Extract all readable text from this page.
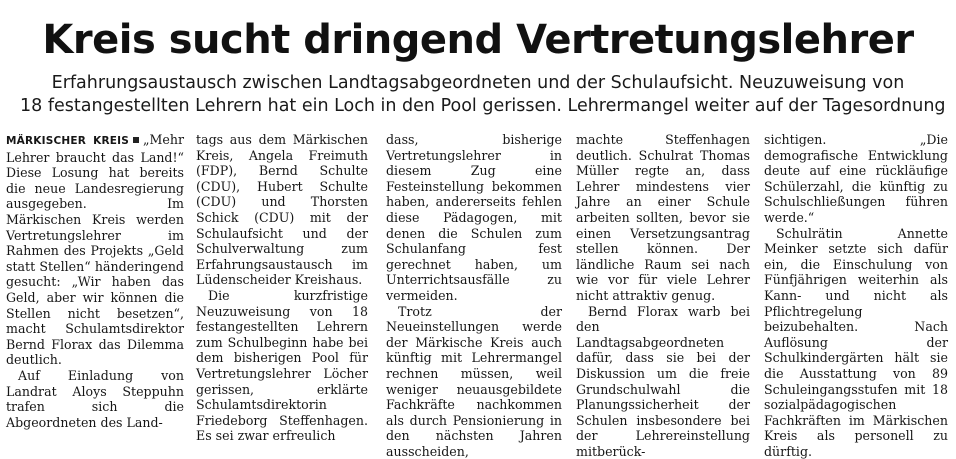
Kreis sucht dringend Vertretungslehrer
Erfahrungsaustausch zwischen Landtagsabgeordneten und der Schulaufsicht. Neuzuweisung von
18 festangestellten Lehrern hat ein Loch in den Pool gerissen. Lehrermangel weiter auf der Tagesordnung

MÄRKISCHER KREIS „Mehr Lehrer braucht das Land!“ Diese Losung hat bereits die neue Landesregierung ausgegeben. Im Märkischen Kreis werden Vertretungslehrer im Rahmen des Projekts „Geld statt Stellen“ händeringend gesucht: „Wir haben das Geld, aber wir können die Stellen nicht besetzen“, macht Schulamtsdirektor Bernd Florax das Dilemma deutlich.

Auf Einladung von Landrat Aloys Steppuhn trafen sich die Abgeordneten des Land-

tags aus dem Märkischen Kreis, Angela Freimuth (FDP), Bernd Schulte (CDU), Hubert Schulte (CDU) und Thorsten Schick (CDU) mit der Schulaufsicht und der Schulverwaltung zum Erfahrungsaustausch im Lüdenscheider Kreishaus.

Die kurzfristige Neuzuweisung von 18 festangestellten Lehrern zum Schulbeginn habe bei dem bisherigen Pool für Vertretungslehrer Löcher gerissen, erklärte Schulamtsdirektorin Friedeborg Steffenhagen. Es sei zwar erfreulich

dass, bisherige Vertretungslehrer in diesem Zug eine Festeinstellung bekommen haben, andererseits fehlen diese Pädagogen, mit denen die Schulen zum Schulanfang fest gerechnet haben, um Unterrichtsausfälle zu vermeiden.

Trotz der Neueinstellungen werde der Märkische Kreis auch künftig mit Lehrermangel rechnen müssen, weil weniger neuausgebildete Fachkräfte nachkommen als durch Pensionierung in den nächsten Jahren ausscheiden,

machte Steffenhagen deutlich. Schulrat Thomas Müller regte an, dass Lehrer mindestens vier Jahre an einer Schule arbeiten sollten, bevor sie einen Versetzungsantrag stellen können. Der ländliche Raum sei nach wie vor für viele Lehrer nicht attraktiv genug.

Bernd Florax warb bei den Landtagsabgeordneten dafür, dass sie bei der Diskussion um die freie Grundschulwahl die Planungssicherheit der Schulen insbesondere bei der Lehrereinstellung mitberück-

sichtigen. „Die demografische Entwicklung deute auf eine rückläufige Schülerzahl, die künftig zu Schulschließungen führen werde.“

Schulrätin Annette Meinker setzte sich dafür ein, die Einschulung von Fünfjährigen weiterhin als Kann- und nicht als Pflichtregelung beizubehalten. Nach Auflösung der Schulkindergärten hält sie die Ausstattung von 89 Schuleingangsstufen mit 18 sozialpädagogischen Fachkräften im Märkischen Kreis als personell zu dürftig.
